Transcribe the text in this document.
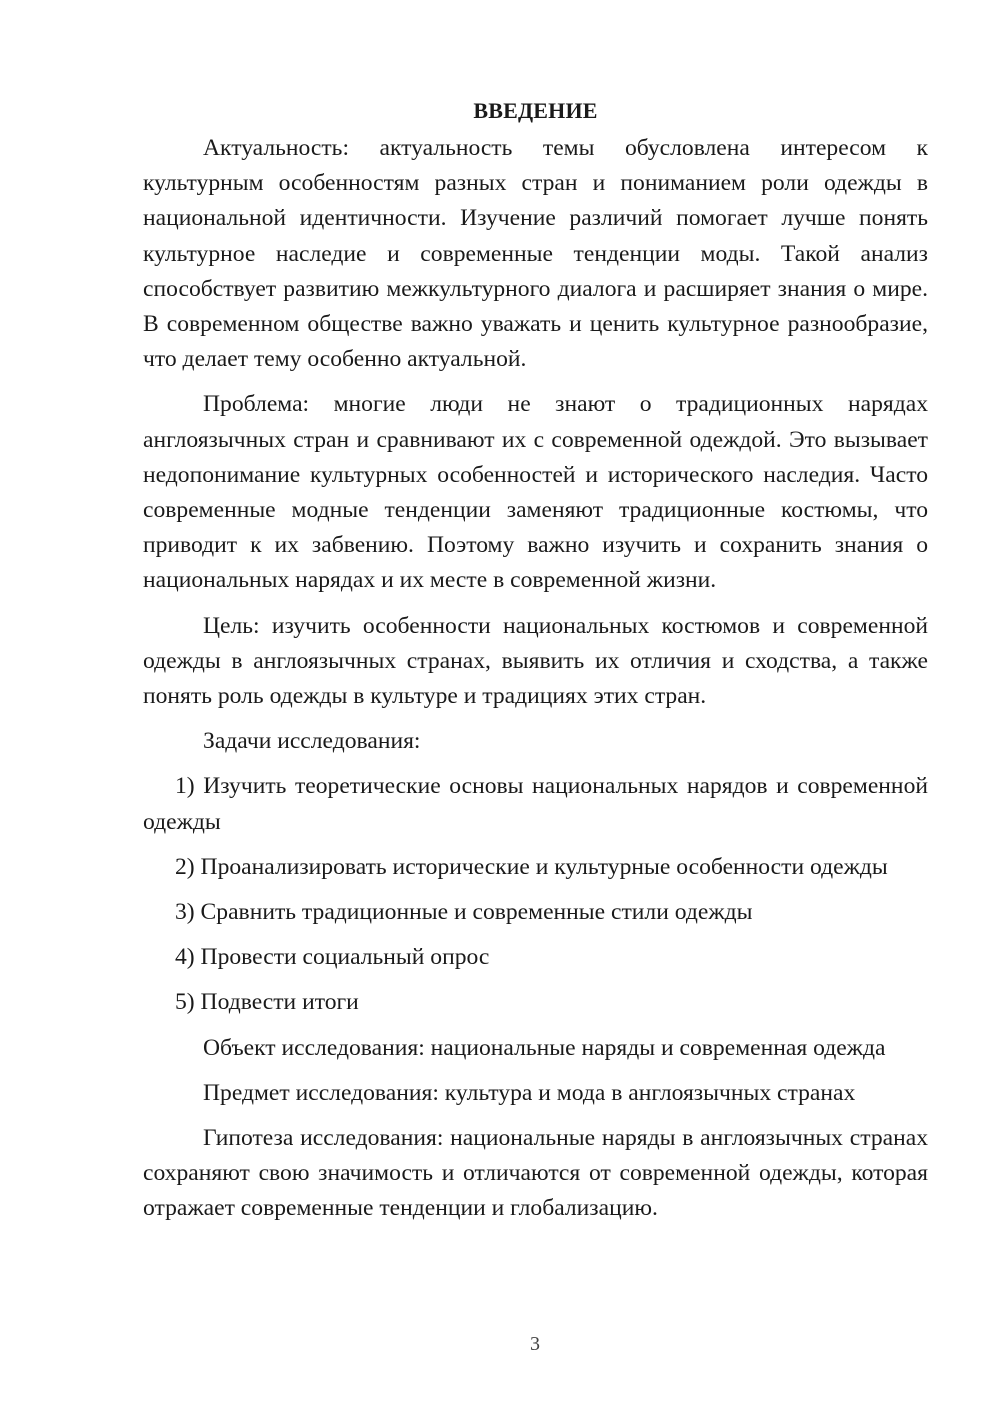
ВВЕДЕНИЕ

Актуальность: актуальность темы обусловлена интересом к культурным особенностям разных стран и пониманием роли одежды в национальной идентичности. Изучение различий помогает лучше понять культурное наследие и современные тенденции моды. Такой анализ способствует развитию межкультурного диалога и расширяет знания о мире. В современном обществе важно уважать и ценить культурное разнообразие, что делает тему особенно актуальной.

Проблема: многие люди не знают о традиционных нарядах англоязычных стран и сравнивают их с современной одеждой. Это вызывает недопонимание культурных особенностей и исторического наследия. Часто современные модные тенденции заменяют традиционные костюмы, что приводит к их забвению. Поэтому важно изучить и сохранить знания о национальных нарядах и их месте в современной жизни.

Цель: изучить особенности национальных костюмов и современной одежды в англоязычных странах, выявить их отличия и сходства, а также понять роль одежды в культуре и традициях этих стран.

Задачи исследования:

1) Изучить теоретические основы национальных нарядов и современной одежды
2) Проанализировать исторические и культурные особенности одежды
3) Сравнить традиционные и современные стили одежды
4) Провести социальный опрос
5) Подвести итоги

Объект исследования: национальные наряды и современная одежда

Предмет исследования: культура и мода в англоязычных странах

Гипотеза исследования: национальные наряды в англоязычных странах сохраняют свою значимость и отличаются от современной одежды, которая отражает современные тенденции и глобализацию.

3
